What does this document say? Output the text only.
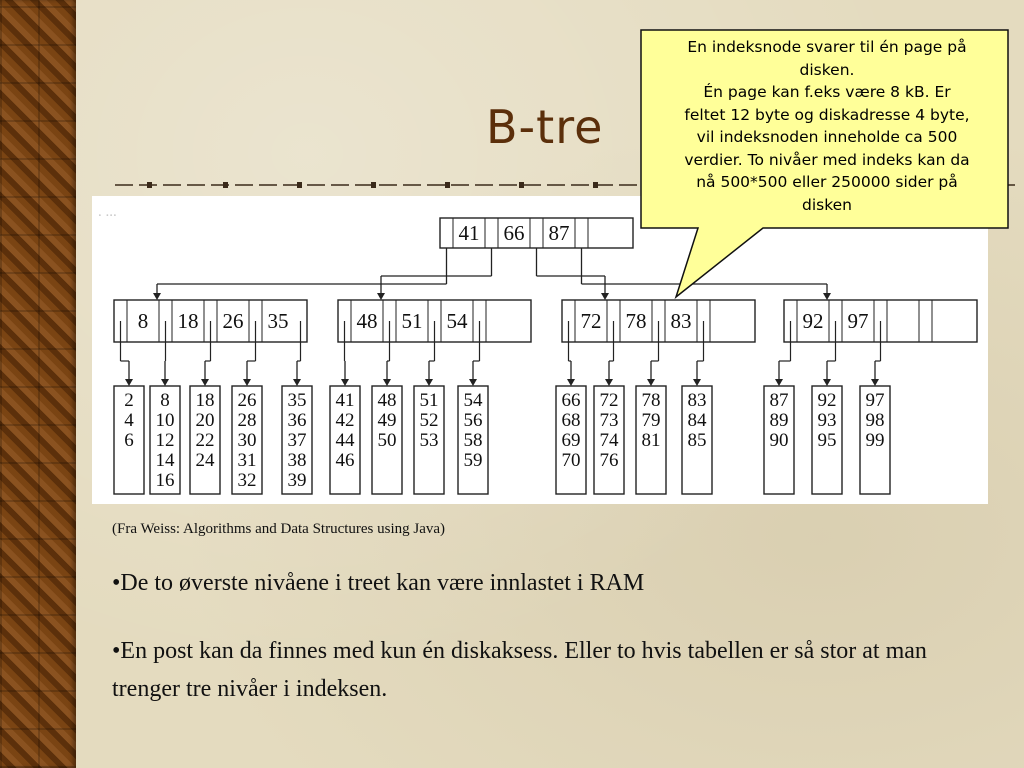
B-tre
. ...
41 66 87
8 18 26 35	48 51 54	72 78 83	92 97
2
4
6
8
10
12
14
16
18
20
22
24
26
28
30
31
32
35
36
37
38
39
41
42
44
46
48
49
50
51
52
53
54
56
58
59
66
68
69
70
72
73
74
76
78
79
81
83
84
85
87
89
90
92
93
95
97
98
99
(Fra Weiss: Algorithms and Data Structures using Java)
•De to øverste nivåene i treet kan være innlastet i RAM
•En post kan da finnes med kun én diskaksess. Eller to hvis tabellen er så stor at man trenger tre nivåer i indeksen.
En indeksnode svarer til én page på
disken.
Én page kan f.eks være 8 kB. Er
feltet 12 byte og diskadresse 4 byte,
vil indeksnoden inneholde ca 500
verdier. To nivåer med indeks kan da
nå 500*500 eller 250000 sider på
disken
